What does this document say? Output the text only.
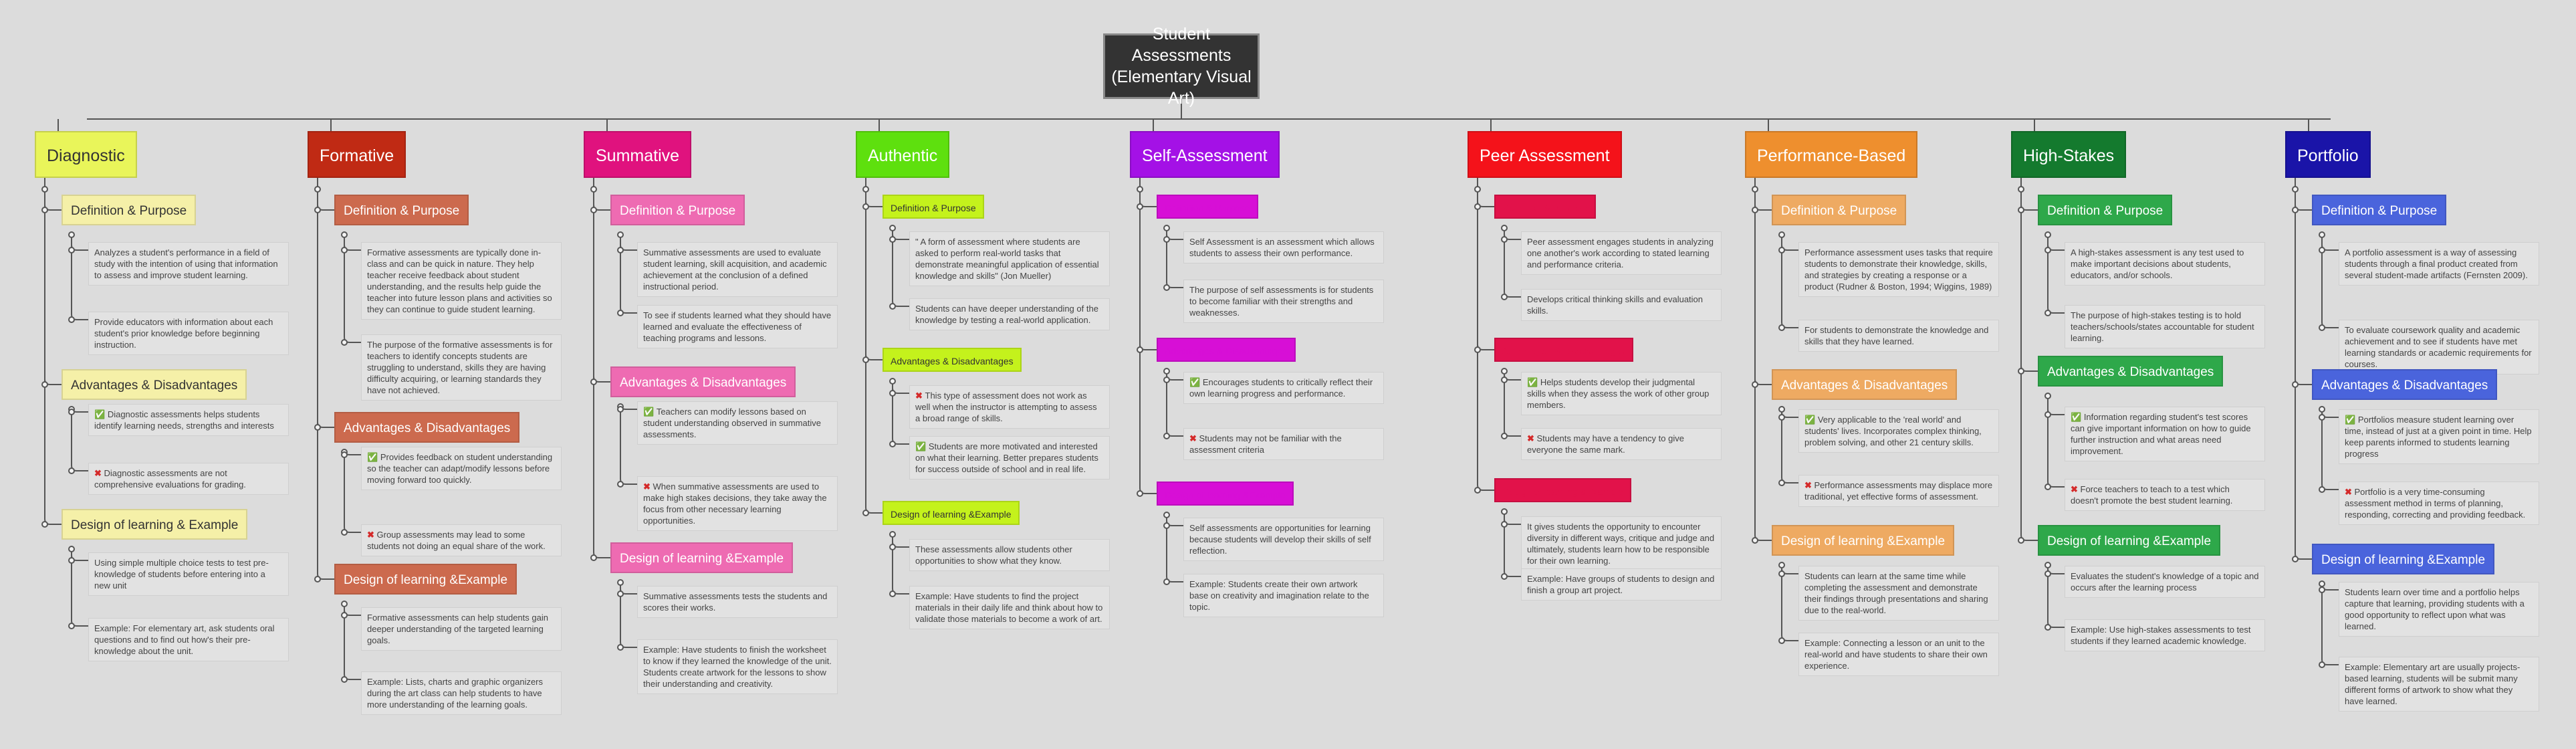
Student Assessments
(Elementary Visual Art)
Diagnostic
Definition & Purpose
Analyzes a student's performance in a field of study with the intention of using that information to assess and improve student learning.
Provide educators with information about each student's prior knowledge before beginning instruction.
Advantages & Disadvantages
✅ Diagnostic assessments helps students identify learning needs, strengths and interests
✖ Diagnostic assessments are not comprehensive evaluations for grading.
Design of learning & Example
Using simple multiple choice tests to test pre-knowledge of students before entering into a new unit
Example: For elementary art, ask students oral questions and to find out how's their pre-knowledge about the unit.
Formative
Definition & Purpose
Formative assessments are typically done in-class and can be quick in nature. They help teacher receive feedback about student understanding, and the results help guide the teacher into future lesson plans and activities so they can continue to guide student learning.
The purpose of the formative assessments is for teachers to identify concepts students are struggling to understand, skills they are having difficulty acquiring, or learning standards they have not achieved.
Advantages & Disadvantages
✅ Provides feedback on student understanding so the teacher can adapt/modify lessons before moving forward too quickly.
✖ Group assessments may lead to some students not doing an equal share of the work.
Design of learning &Example
Formative assessments can help students gain deeper understanding of the targeted learning goals.
Example: Lists, charts and graphic organizers during the art class can help students to have more understanding of the learning goals.
Summative
Definition & Purpose
Summative assessments are used to evaluate student learning, skill acquisition, and academic achievement at the conclusion of a defined instructional period.
To see if students learned what they should have learned and evaluate the effectiveness of teaching programs and lessons.
Advantages & Disadvantages
✅ Teachers can modify lessons based on student understanding observed in summative assessments.
✖ When summative assessments are used to make high stakes decisions, they take away the focus from other necessary learning opportunities.
Design of learning &Example
Summative assessments tests the students and scores their works.
Example: Have students to finish the worksheet to know if they learned the knowledge of the unit. Students create artwork for the lessons to show their understanding and creativity.
Authentic
Definition & Purpose
" A form of assessment where students are asked to perform real-world tasks that demonstrate meaningful application of essential knowledge and skills" (Jon Mueller)
Students can have deeper understanding of the knowledge by testing a real-world application.
Advantages & Disadvantages
✖ This type of assessment does not work as well when the instructor is attempting to assess a broad range of skills.
✅ Students are more motivated and interested on what their learning. Better prepares students for success outside of school and in real life.
Design of learning &Example
These assessments allow students other opportunities to show what they know.
Example: Have students to find the project materials in their daily life and think about how to validate those materials to become a work of art.
Self-Assessment
Definition & Purpose
Self Assessment is an assessment which allows students to assess their own performance.
The purpose of self assessments is for students to become familiar with their strengths and weaknesses.
Advantages & Disadvantages
✅ Encourages students to critically reflect their own learning progress and performance.
✖ Students may not be familiar with the assessment criteria
Design of learning &Example
Self assessments are opportunities for learning because students will develop their skills of self reflection.
Example: Students create their own artwork base on creativity and imagination relate to the topic.
Peer Assessment
Definition & Purpose
Peer assessment engages students in analyzing one another's work according to stated learning and performance criteria.
Develops critical thinking skills and evaluation skills.
Advantages & Disadvantages
✅ Helps students develop their judgmental skills when they assess the work of other group members.
✖ Students may have a tendency to give everyone the same mark.
Design of learning &Example
It gives students the opportunity to encounter diversity in different ways, critique and judge and ultimately, students learn how to be responsible for their own learning.
Example: Have groups of students to design and finish a group art project.
Performance-Based
Definition & Purpose
Performance assessment uses tasks that require students to demonstrate their knowledge, skills, and strategies by creating a response or a product (Rudner & Boston, 1994; Wiggins, 1989)
For students to demonstrate the knowledge and skills that they have learned.
Advantages & Disadvantages
✅ Very applicable to the 'real world' and students' lives. Incorporates complex thinking, problem solving, and other 21 century skills.
✖ Performance assessments may displace more traditional, yet effective forms of assessment.
Design of learning &Example
Students can learn at the same time while completing the assessment and demonstrate their findings through presentations and sharing due to the real-world.
Example: Connecting a lesson or an unit to the real-world and have students to share their own experience.
High-Stakes
Definition & Purpose
A high-stakes assessment is any test used to make important decisions about students, educators, and/or schools.
The purpose of high-stakes testing is to hold teachers/schools/states accountable for student learning.
Advantages & Disadvantages
✅ Information regarding student's test scores can give important information on how to guide further instruction and what areas need improvement.
✖ Force teachers to teach to a test which doesn't promote the best student learning.
Design of learning &Example
Evaluates the student's knowledge of a topic and occurs after the learning process
Example: Use high-stakes assessments to test students if they learned academic knowledge.
Portfolio
Definition & Purpose
A portfolio assessment is a way of assessing students through a final product created from several student-made artifacts (Fernsten 2009).
To evaluate coursework quality and academic achievement and to see if students have met learning standards or academic requirements for courses.
Advantages & Disadvantages
✅ Portfolios measure student learning over time, instead of just at a given point in time. Help keep parents informed to students learning progress
✖ Portfolio is a very time-consuming assessment method in terms of planning, responding, correcting and providing feedback.
Design of learning &Example
Students learn over time and a portfolio helps capture that learning, providing students with a good opportunity to reflect upon what was learned.
Example: Elementary art are usually projects-based learning, students will be submit many different forms of artwork to show what they have learned.
